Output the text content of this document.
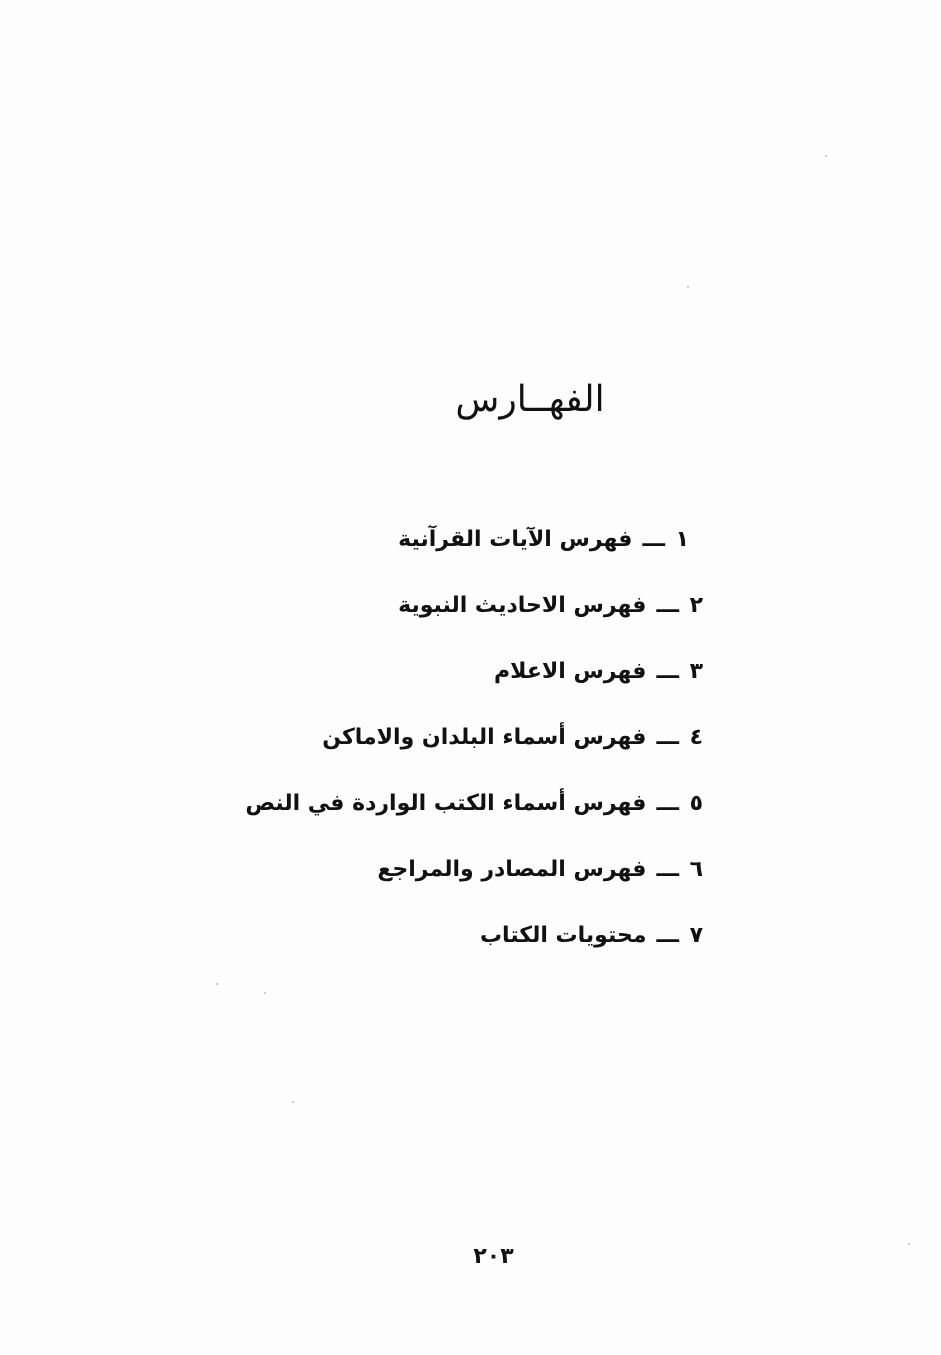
الفهــارس
١ـــفهرس الآيات القرآنية
٢ـــفهرس الاحاديث النبوية
٣ـــفهرس الاعلام
٤ـــفهرس أسماء البلدان والاماكن
٥ـــفهرس أسماء الكتب الواردة في النص
٦ـــفهرس المصادر والمراجع
٧ـــمحتويات الكتاب
٢٠٣
